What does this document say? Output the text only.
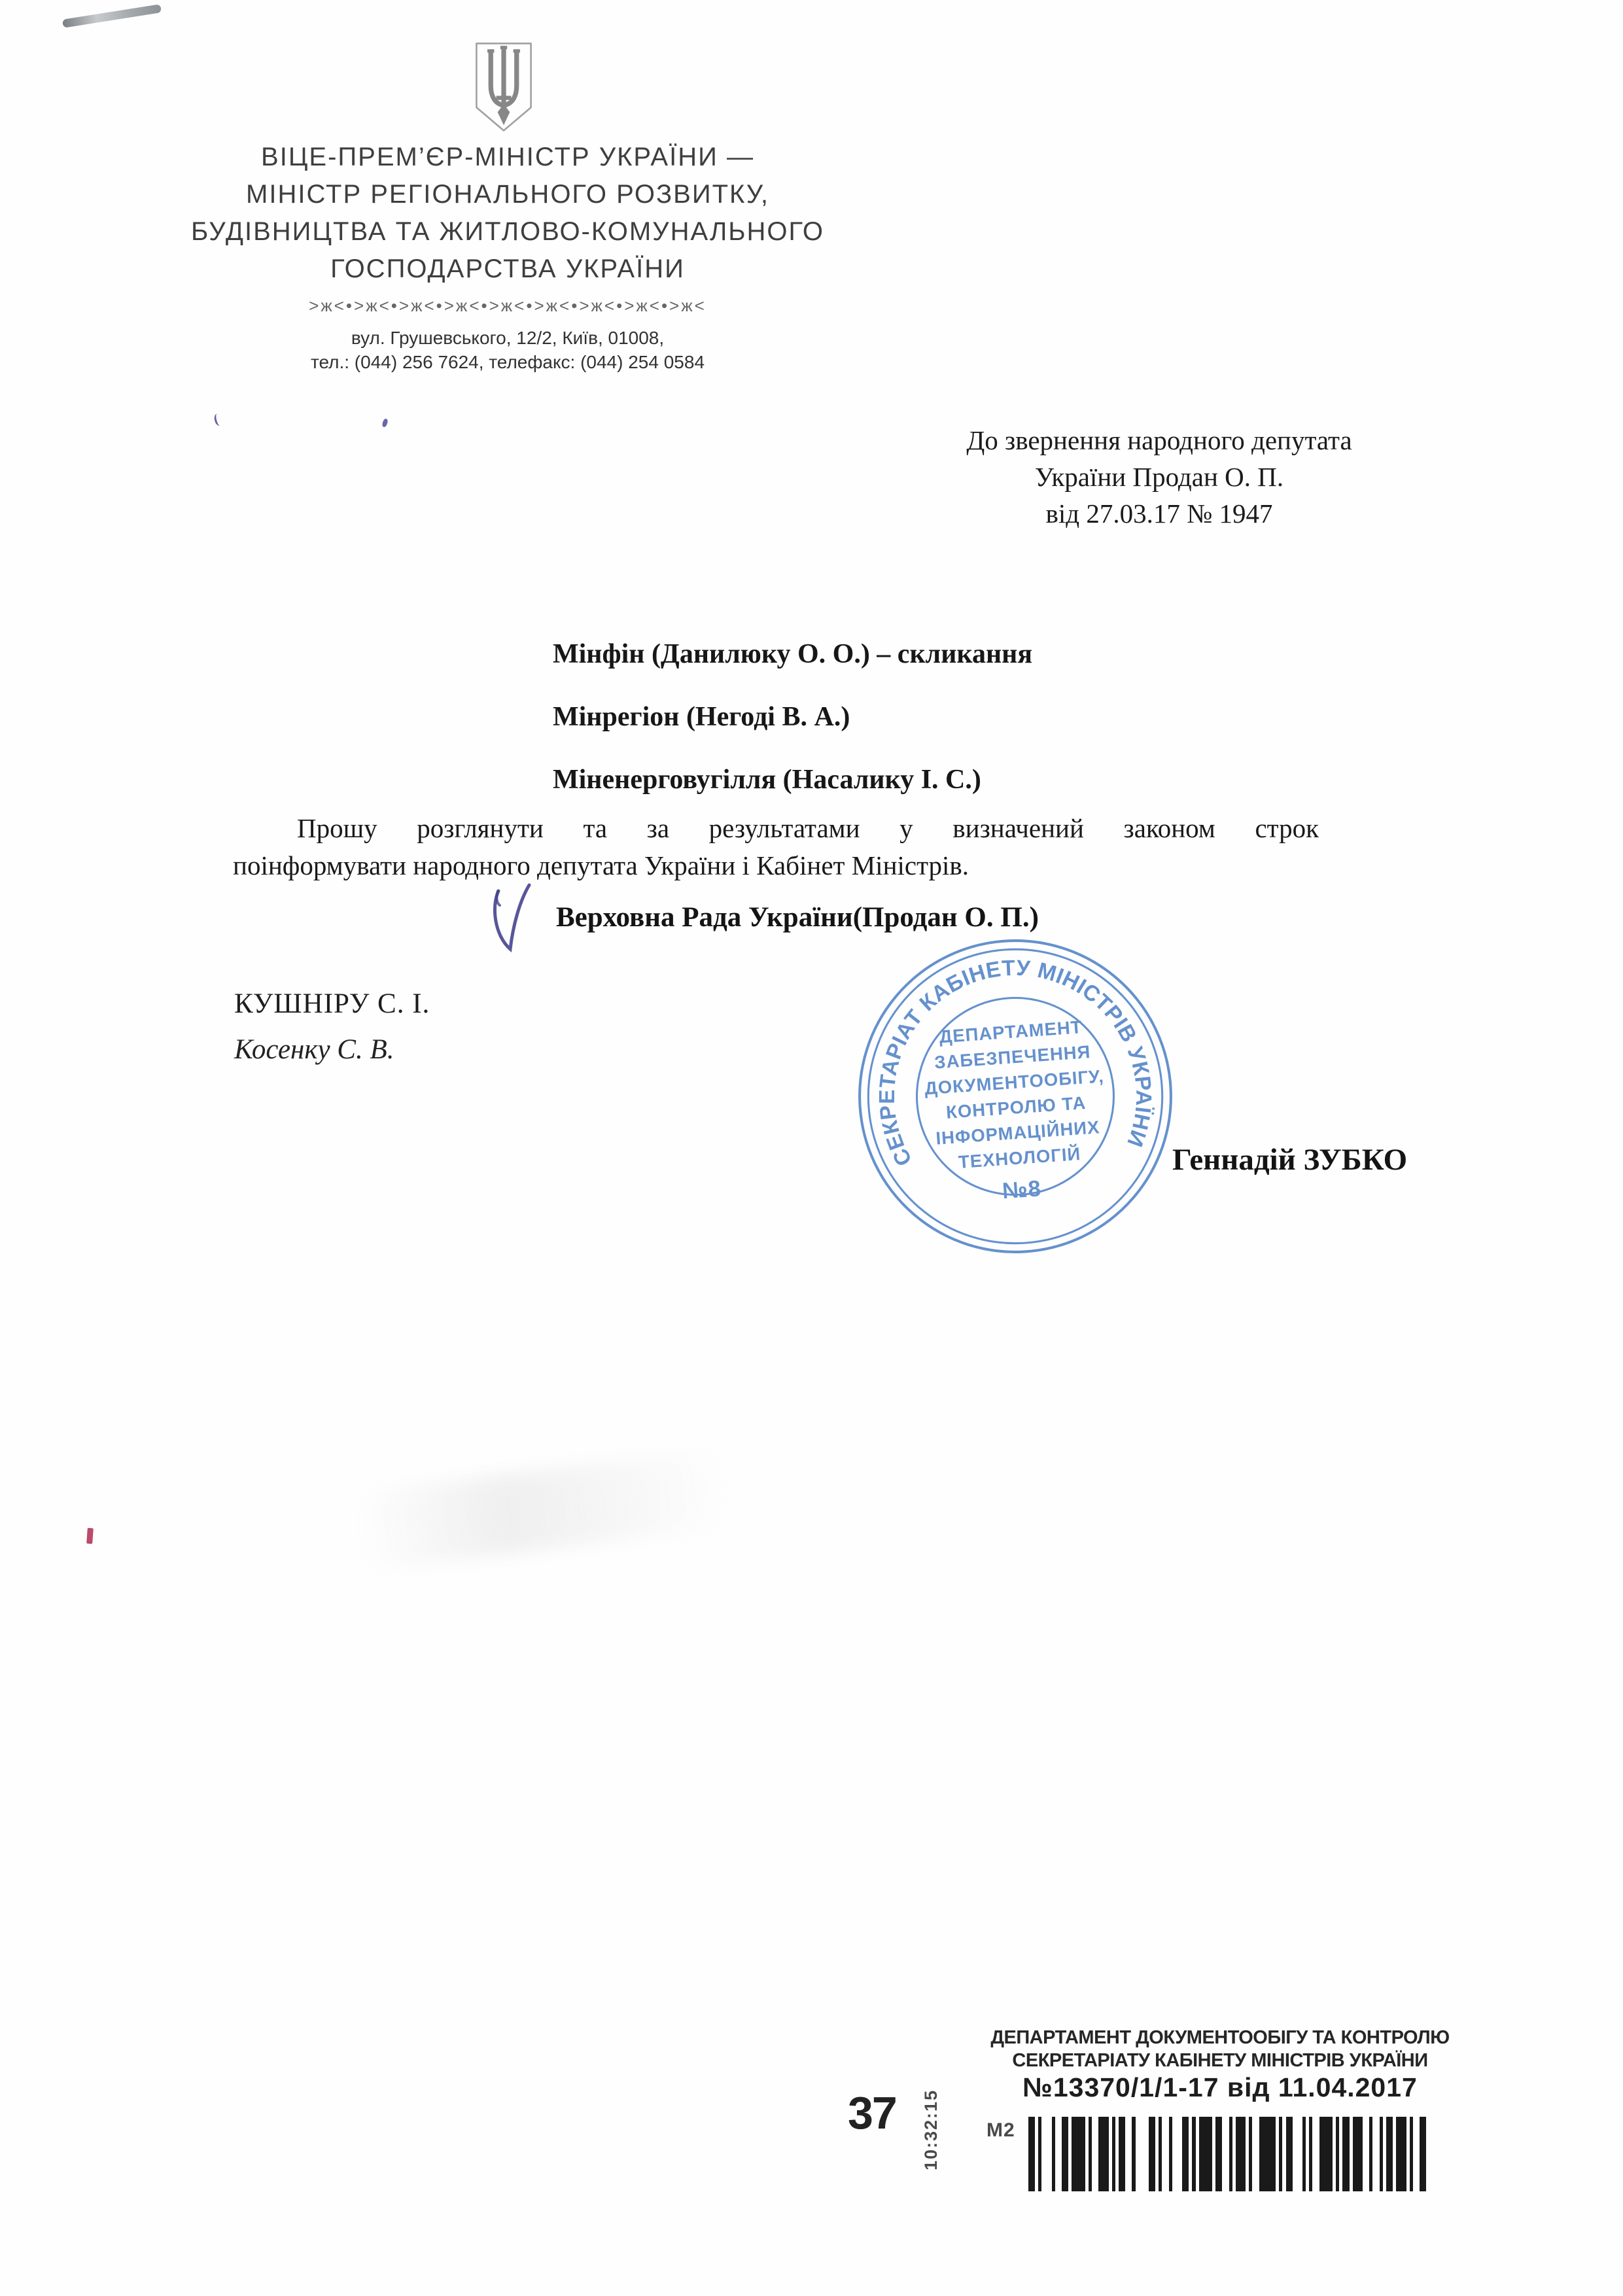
ВІЦЕ-ПРЕМ’ЄР-МІНІСТР УКРАЇНИ —
МІНІСТР РЕГІОНАЛЬНОГО РОЗВИТКУ,
БУДІВНИЦТВА ТА ЖИТЛОВО-КОМУНАЛЬНОГО
ГОСПОДАРСТВА УКРАЇНИ
>ж<•>ж<•>ж<•>ж<•>ж<•>ж<•>ж<•>ж<•>ж<
вул. Грушевського, 12/2, Київ, 01008,
тел.: (044) 256 7624, телефакс: (044) 254 0584
До звернення народного депутата
України Продан О. П.
від 27.03.17 № 1947
Мінфін (Данилюку О. О.) – скликання
Мінрегіон (Негоді В. А.)
Міненерговугілля (Насалику І. С.)
Прошу розглянути та за результатами у визначений законом строк
поінформувати народного депутата України і Кабінет Міністрів.
Верховна Рада України(Продан О. П.)
КУШНІРУ С. І.
Косенку С. В.
СЕКРЕТАРІАТ КАБІНЕТУ МІНІСТРІВ УКРАЇНИ
ДЕПАРТАМЕНТ
ЗАБЕЗПЕЧЕННЯ
ДОКУМЕНТООБІГУ,
КОНТРОЛЮ ТА
ІНФОРМАЦІЙНИХ
ТЕХНОЛОГІЙ
№8
Геннадій ЗУБКО
ДЕПАРТАМЕНТ ДОКУМЕНТООБІГУ ТА КОНТРОЛЮ
СЕКРЕТАРІАТУ КАБІНЕТУ МІНІСТРІВ УКРАЇНИ
№13370/1/1-17 від 11.04.2017
37 10:32:15 М2
